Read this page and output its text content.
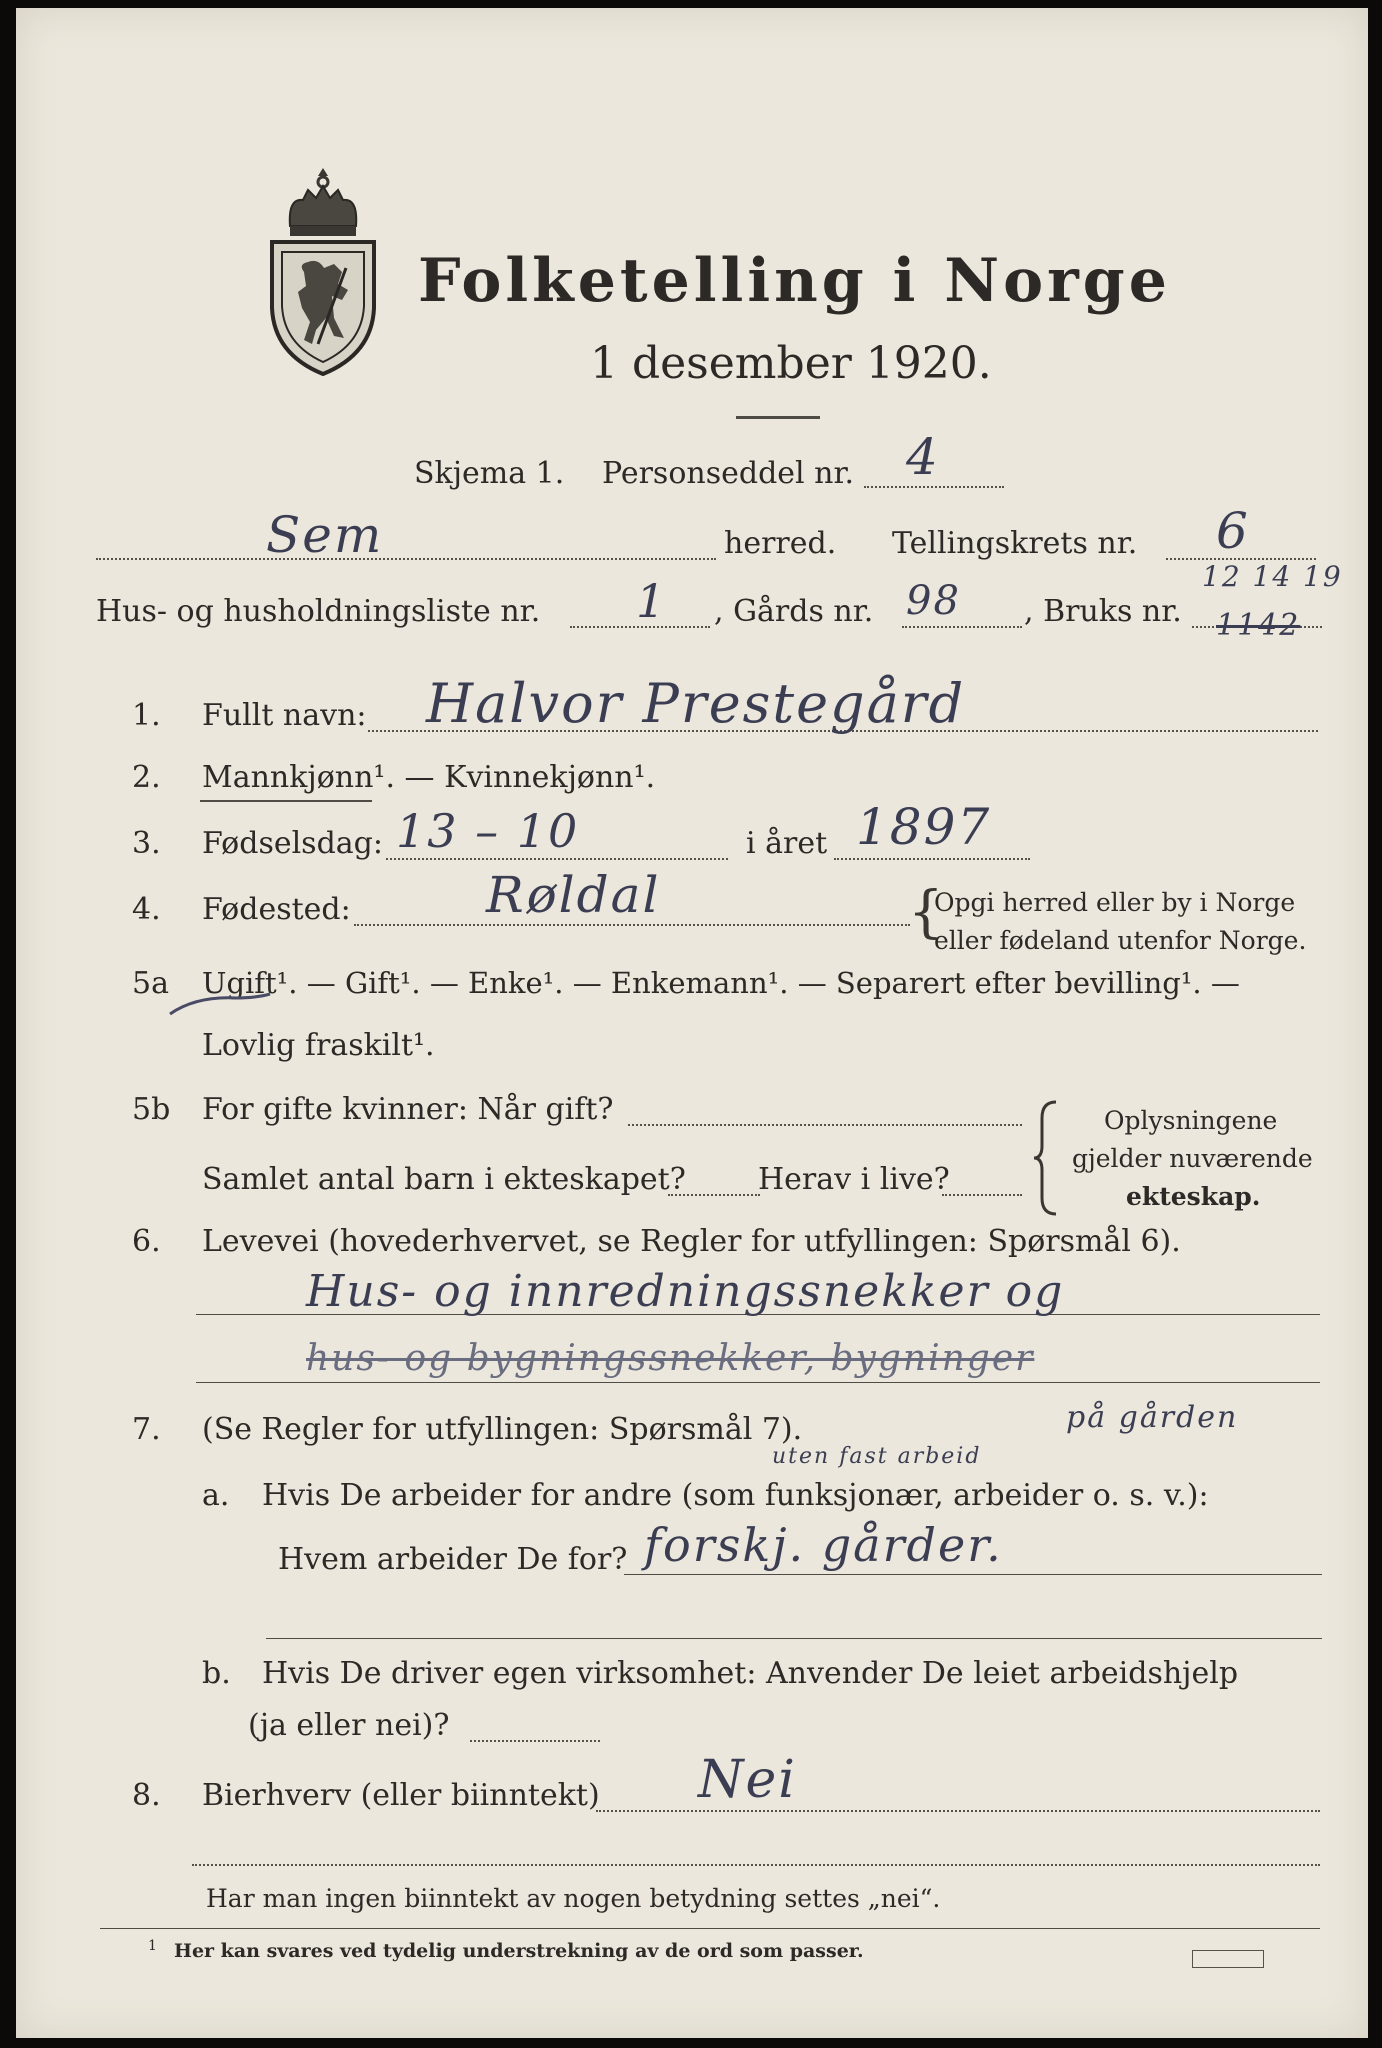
Folketelling i Norge
1 desember 1920.
Skjema 1. Personseddel nr. 4
Sem	herred. Tellingskrets nr. 6
Hus- og husholdningsliste nr. 1 , Gårds nr. 98 , Bruks nr.
12 14 19
1142
1. Fullt navn: Halvor Prestegård
2. Mannkjønn¹. — Kvinnekjønn¹.
3. Fødselsdag: 13 – 10	i året 1897
4. Fødested:	Røldal	{
Opgi herred eller by i Norge
eller fødeland utenfor Norge.
5a Ugift¹. — Gift¹. — Enke¹. — Enkemann¹. — Separert efter bevilling¹. —
Lovlig fraskilt¹.
5b For gifte kvinner: Når gift?
Samlet antal barn i ekteskapet? Herav i live?
Oplysningene
gjelder nuværende
ekteskap.
6. Levevei (hovederhvervet, se Regler for utfyllingen: Spørsmål 6).
Hus- og innredningssnekker og
hus- og bygningssnekker, bygninger
7. (Se Regler for utfyllingen: Spørsmål 7).	på gården
a. Hvis De arbeider for andre (som funksjonær, arbeider o. s. v.):
uten fast arbeid
Hvem arbeider De for? forskj. gårder.
b. Hvis De driver egen virksomhet: Anvender De leiet arbeidshjelp
(ja eller nei)?
8. Bierhverv (eller biinntekt) Nei
Har man ingen biinntekt av nogen betydning settes „nei“.
1 Her kan svares ved tydelig understrekning av de ord som passer.
